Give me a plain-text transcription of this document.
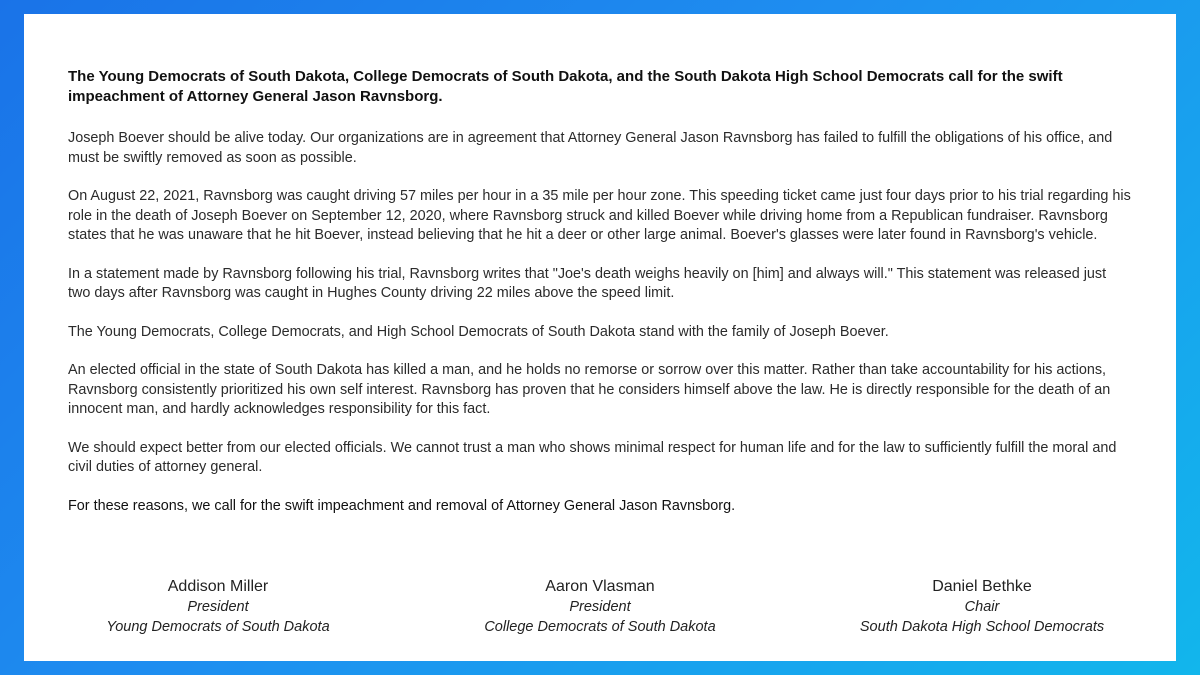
The Young Democrats of South Dakota, College Democrats of South Dakota, and the South Dakota High School Democrats call for the swift impeachment of Attorney General Jason Ravnsborg.

Joseph Boever should be alive today. Our organizations are in agreement that Attorney General Jason Ravnsborg has failed to fulfill the obligations of his office, and must be swiftly removed as soon as possible.

On August 22, 2021, Ravnsborg was caught driving 57 miles per hour in a 35 mile per hour zone. This speeding ticket came just four days prior to his trial regarding his role in the death of Joseph Boever on September 12, 2020, where Ravnsborg struck and killed Boever while driving home from a Republican fundraiser. Ravnsborg states that he was unaware that he hit Boever, instead believing that he hit a deer or other large animal. Boever's glasses were later found in Ravnsborg's vehicle.

In a statement made by Ravnsborg following his trial, Ravnsborg writes that "Joe's death weighs heavily on [him] and always will." This statement was released just two days after Ravnsborg was caught in Hughes County driving 22 miles above the speed limit.

The Young Democrats, College Democrats, and High School Democrats of South Dakota stand with the family of Joseph Boever.

An elected official in the state of South Dakota has killed a man, and he holds no remorse or sorrow over this matter. Rather than take accountability for his actions, Ravnsborg consistently prioritized his own self interest. Ravnsborg has proven that he considers himself above the law. He is directly responsible for the death of an innocent man, and hardly acknowledges responsibility for this fact.

We should expect better from our elected officials. We cannot trust a man who shows minimal respect for human life and for the law to sufficiently fulfill the moral and civil duties of attorney general.

For these reasons, we call for the swift impeachment and removal of Attorney General Jason Ravnsborg.

Addison Miller
President
Young Democrats of South Dakota
Aaron Vlasman
President
College Democrats of South Dakota
Daniel Bethke
Chair
South Dakota High School Democrats
